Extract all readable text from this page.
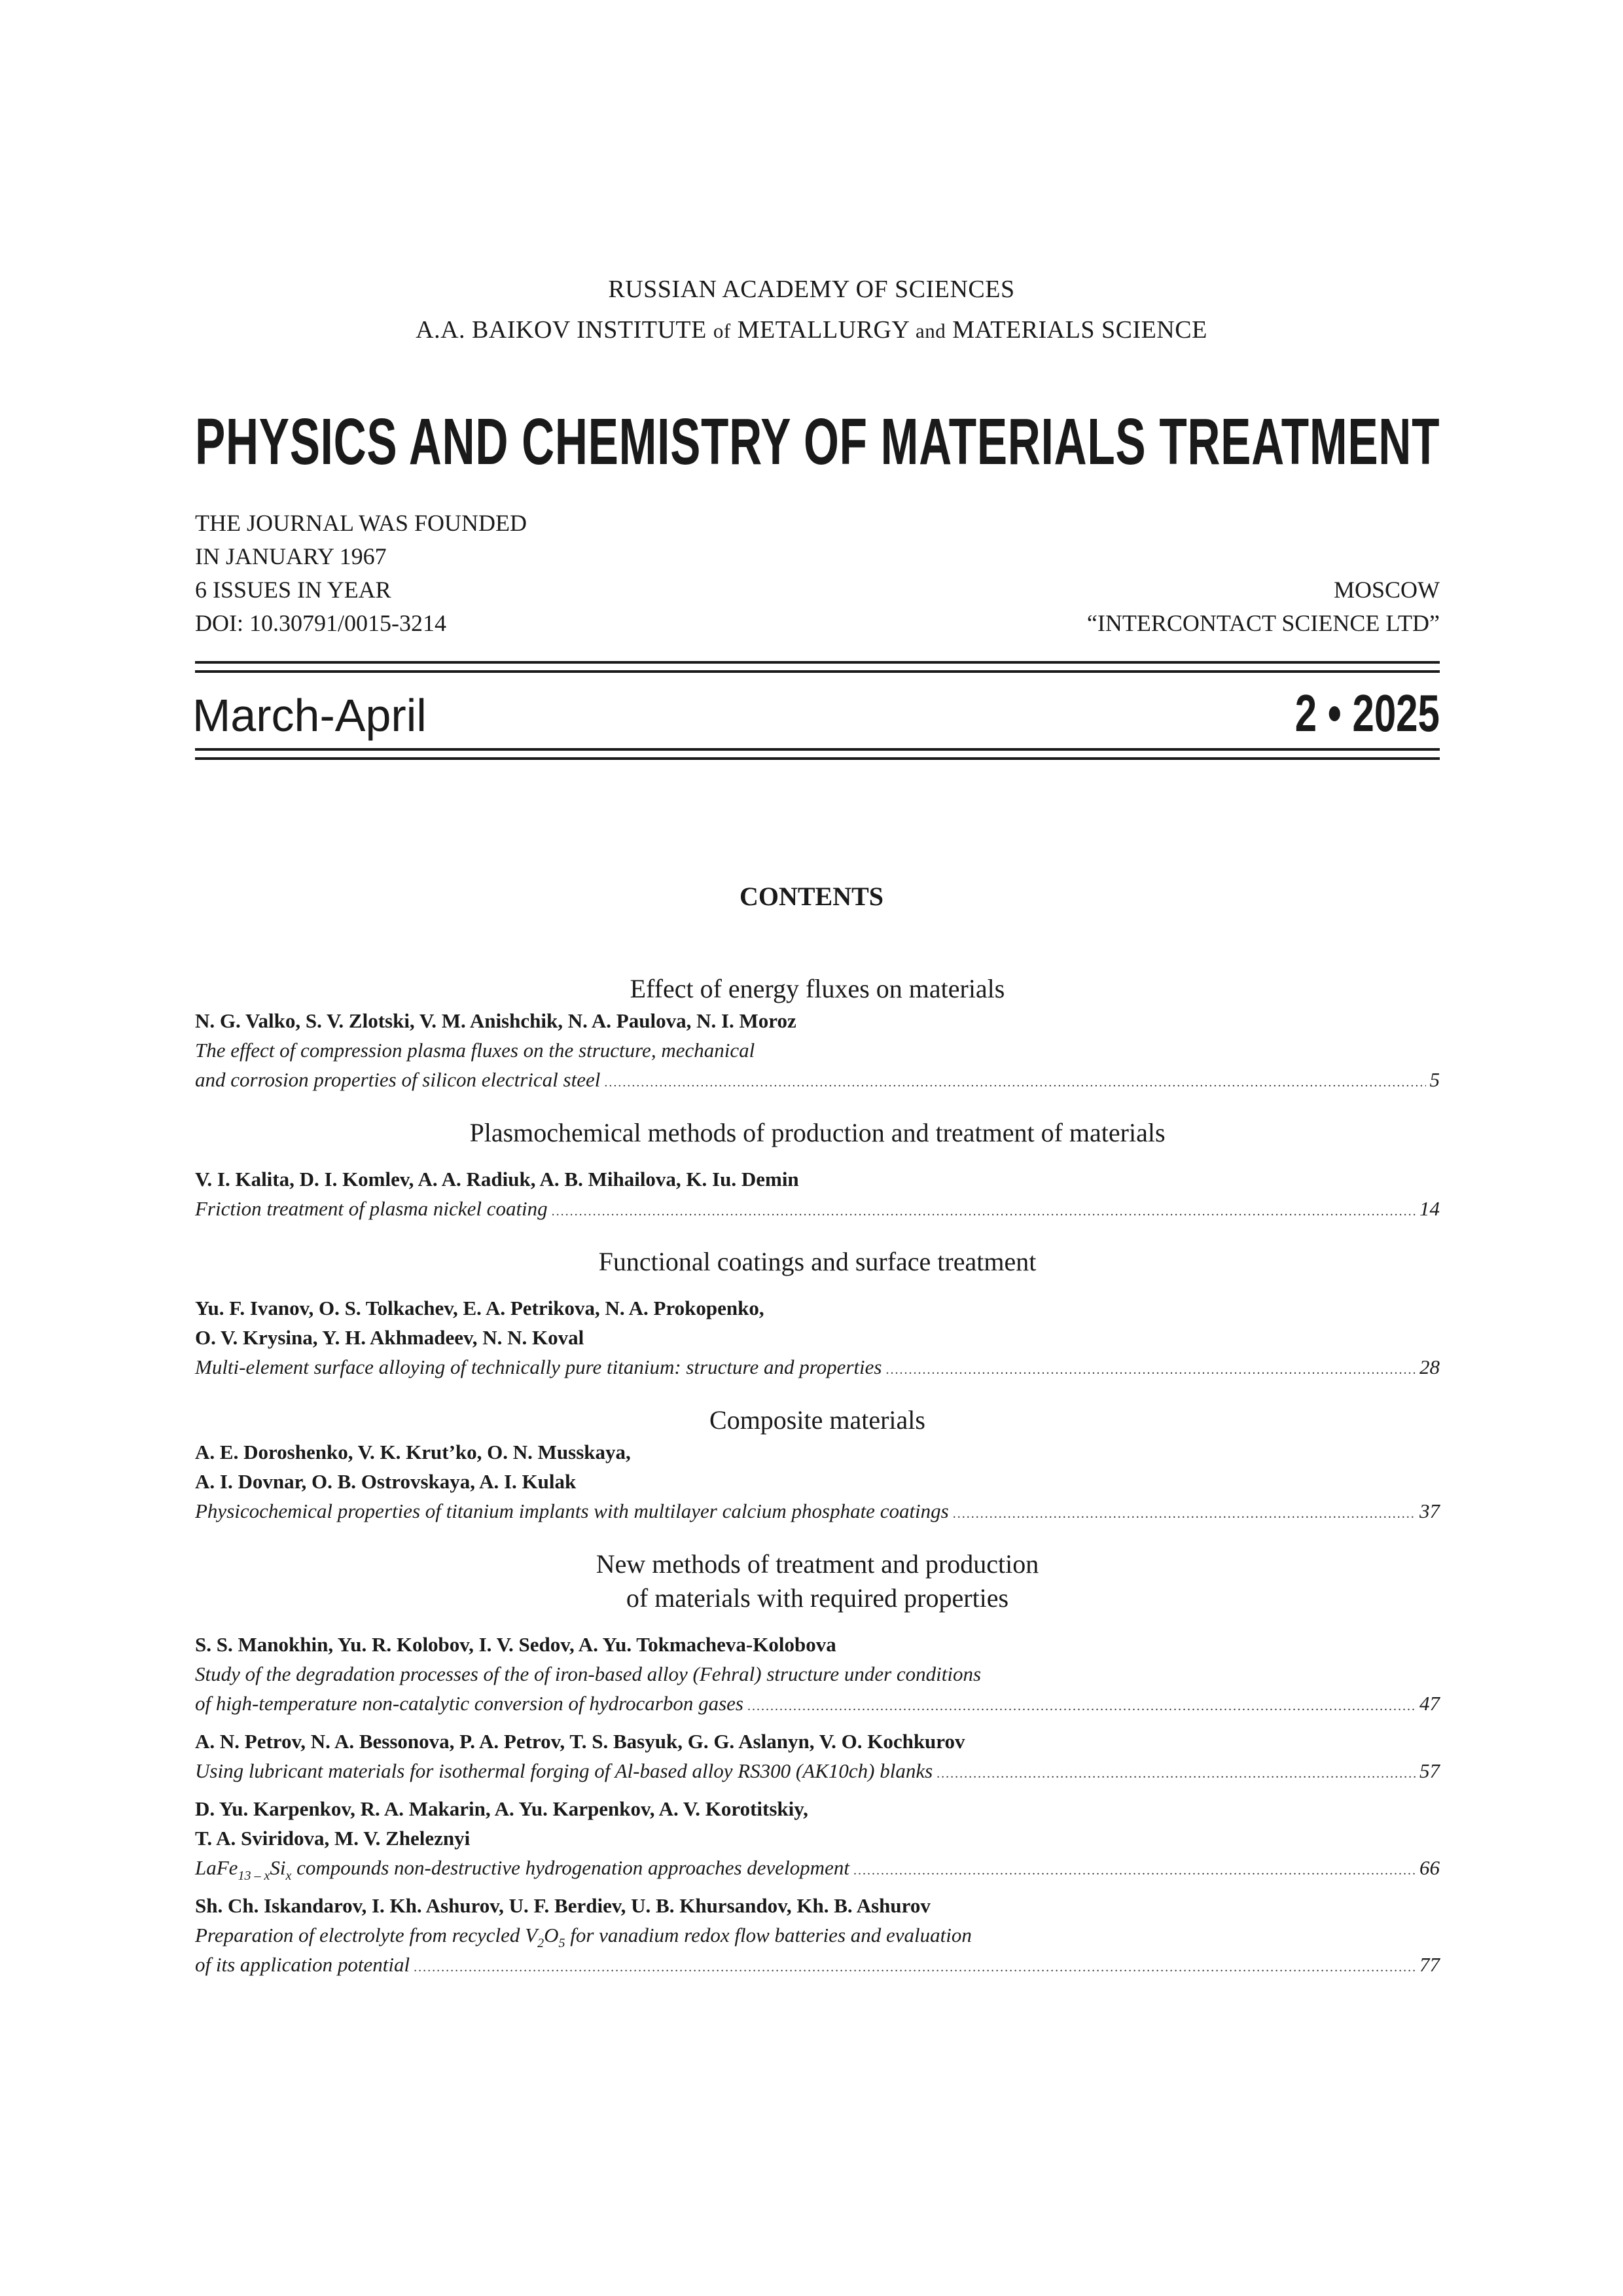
RUSSIAN ACADEMY OF SCIENCES
A.A. BAIKOV INSTITUTE of METALLURGY and MATERIALS SCIENCE
PHYSICS AND CHEMISTRY OF MATERIALS TREATMENT
THE JOURNAL WAS FOUNDED
IN JANUARY 1967
6 ISSUES IN YEAR
DOI: 10.30791/0015-3214
MOSCOW
“INTERCONTACT SCIENCE LTD”
March-April	2 • 2025
CONTENTS
Effect of energy fluxes on materials
N. G. Valko, S. V. Zlotski, V. M. Anishchik, N. A. Paulova, N. I. Moroz
The effect of compression plasma fluxes on the structure, mechanical
and corrosion properties of silicon electrical steel .....	5
Plasmochemical methods of production and treatment of materials
V. I. Kalita, D. I. Komlev, A. A. Radiuk, A. B. Mihailova, K. Iu. Demin
Friction treatment of plasma nickel coating .....	14
Functional coatings and surface treatment
Yu. F. Ivanov, O. S. Tolkachev, E. A. Petrikova, N. A. Prokopenko,
O. V. Krysina, Y. H. Akhmadeev, N. N. Koval
Multi-element surface alloying of technically pure titanium: structure and properties .....	28
Composite materials
A. E. Doroshenko, V. K. Krut’ko, O. N. Musskaya,
A. I. Dovnar, O. B. Ostrovskaya, A. I. Kulak
Physicochemical properties of titanium implants with multilayer calcium phosphate coatings .....	37
New methods of treatment and production
of materials with required properties
S. S. Manokhin, Yu. R. Kolobov, I. V. Sedov, A. Yu. Tokmacheva-Kolobova
Study of the degradation processes of the of iron-based alloy (Fehral) structure under conditions
of high-temperature non-catalytic conversion of hydrocarbon gases .....	47
A. N. Petrov, N. A. Bessonova, P. A. Petrov, T. S. Basyuk, G. G. Aslanyn, V. O. Kochkurov
Using lubricant materials for isothermal forging of Al-based alloy RS300 (AK10ch) blanks .....	57
D. Yu. Karpenkov, R. A. Makarin, A. Yu. Karpenkov, A. V. Korotitskiy,
T. A. Sviridova, M. V. Zheleznyi
$LaFe_{13 - x}Si_x$ compounds non-destructive hydrogenation approaches development .....	66
Sh. Ch. Iskandarov, I. Kh. Ashurov, U. F. Berdiev, U. B. Khursandov, Kh. B. Ashurov
Preparation of electrolyte from recycled $V_2O_5$ for vanadium redox flow batteries and evaluation
of its application potential .....	77
